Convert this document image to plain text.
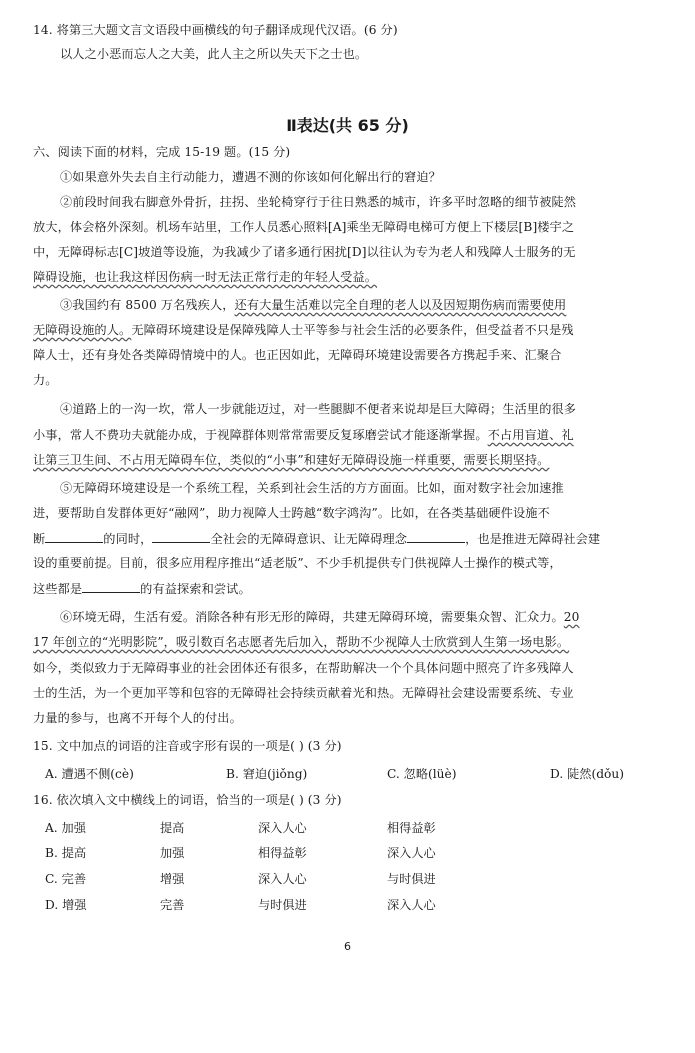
14. 将第三大题文言文语段中画横线的句子翻译成现代汉语。(6 分)
以人之小恶而忘人之大美，此人主之所以失天下之士也。
Ⅱ表达(共 65 分)
六、阅读下面的材料，完成 15-19 题。(15 分)
①如果意外失去自主行动能力，遭遇不测的你该如何化解出行的窘迫？
②前段时间我右脚意外骨折，拄拐、坐轮椅穿行于往日熟悉的城市，许多平时忽略的细节被陡然
放大，体会格外深刻。机场车站里，工作人员悉心照料[A]乘坐无障碍电梯可方便上下楼层[B]楼宇之
中，无障碍标志[C]坡道等设施，为我减少了诸多通行困扰[D]以往认为专为老人和残障人士服务的无
障碍设施，也让我这样因伤病一时无法正常行走的年轻人受益。
③我国约有 8500 万名残疾人，还有大量生活难以完全自理的老人以及因短期伤病而需要使用
无障碍设施的人。无障碍环境建设是保障残障人士平等参与社会生活的必要条件，但受益者不只是残
障人士，还有身处各类障碍情境中的人。也正因如此，无障碍环境建设需要各方携起手来、汇聚合
力。
④道路上的一沟一坎，常人一步就能迈过，对一些腿脚不便者来说却是巨大障碍；生活里的很多
小事，常人不费功夫就能办成，于视障群体则常常需要反复琢磨尝试才能逐渐掌握。不占用盲道、礼
让第三卫生间、不占用无障碍车位，类似的“小事”和建好无障碍设施一样重要，需要长期坚持。
⑤无障碍环境建设是一个系统工程，关系到社会生活的方方面面。比如，面对数字社会加速推
进，要帮助自发群体更好“融网”，助力视障人士跨越“数字鸿沟”。比如，在各类基础硬件设施不
断	的同时，	全社会的无障碍意识、让无障碍理念	，也是推进无障碍社会建
设的重要前提。目前，很多应用程序推出“适老版”、不少手机提供专门供视障人士操作的模式等，
这些都是	的有益探索和尝试。
⑥环境无碍，生活有爱。消除各种有形无形的障碍，共建无障碍环境，需要集众智、汇众力。20
17 年创立的“光明影院”，吸引数百名志愿者先后加入，帮助不少视障人士欣赏到人生第一场电影。
如今，类似致力于无障碍事业的社会团体还有很多，在帮助解决一个个具体问题中照亮了许多残障人
士的生活，为一个更加平等和包容的无障碍社会持续贡献着光和热。无障碍社会建设需要系统、专业
力量的参与，也离不开每个人的付出。
15. 文中加点的词语的注音或字形有误的一项是( ) (3 分)
A. 遭遇不侧(cè)	B. 窘迫(jiǒng)	C. 忽略(lüè)	D. 陡然(dǒu)
16. 依次填入文中横线上的词语，恰当的一项是( ) (3 分)
A. 加强	提高	深入人心	相得益彰
B. 提高	加强	相得益彰	深入人心
C. 完善	增强	深入人心	与时俱进
D. 增强	完善	与时俱进	深入人心
6
